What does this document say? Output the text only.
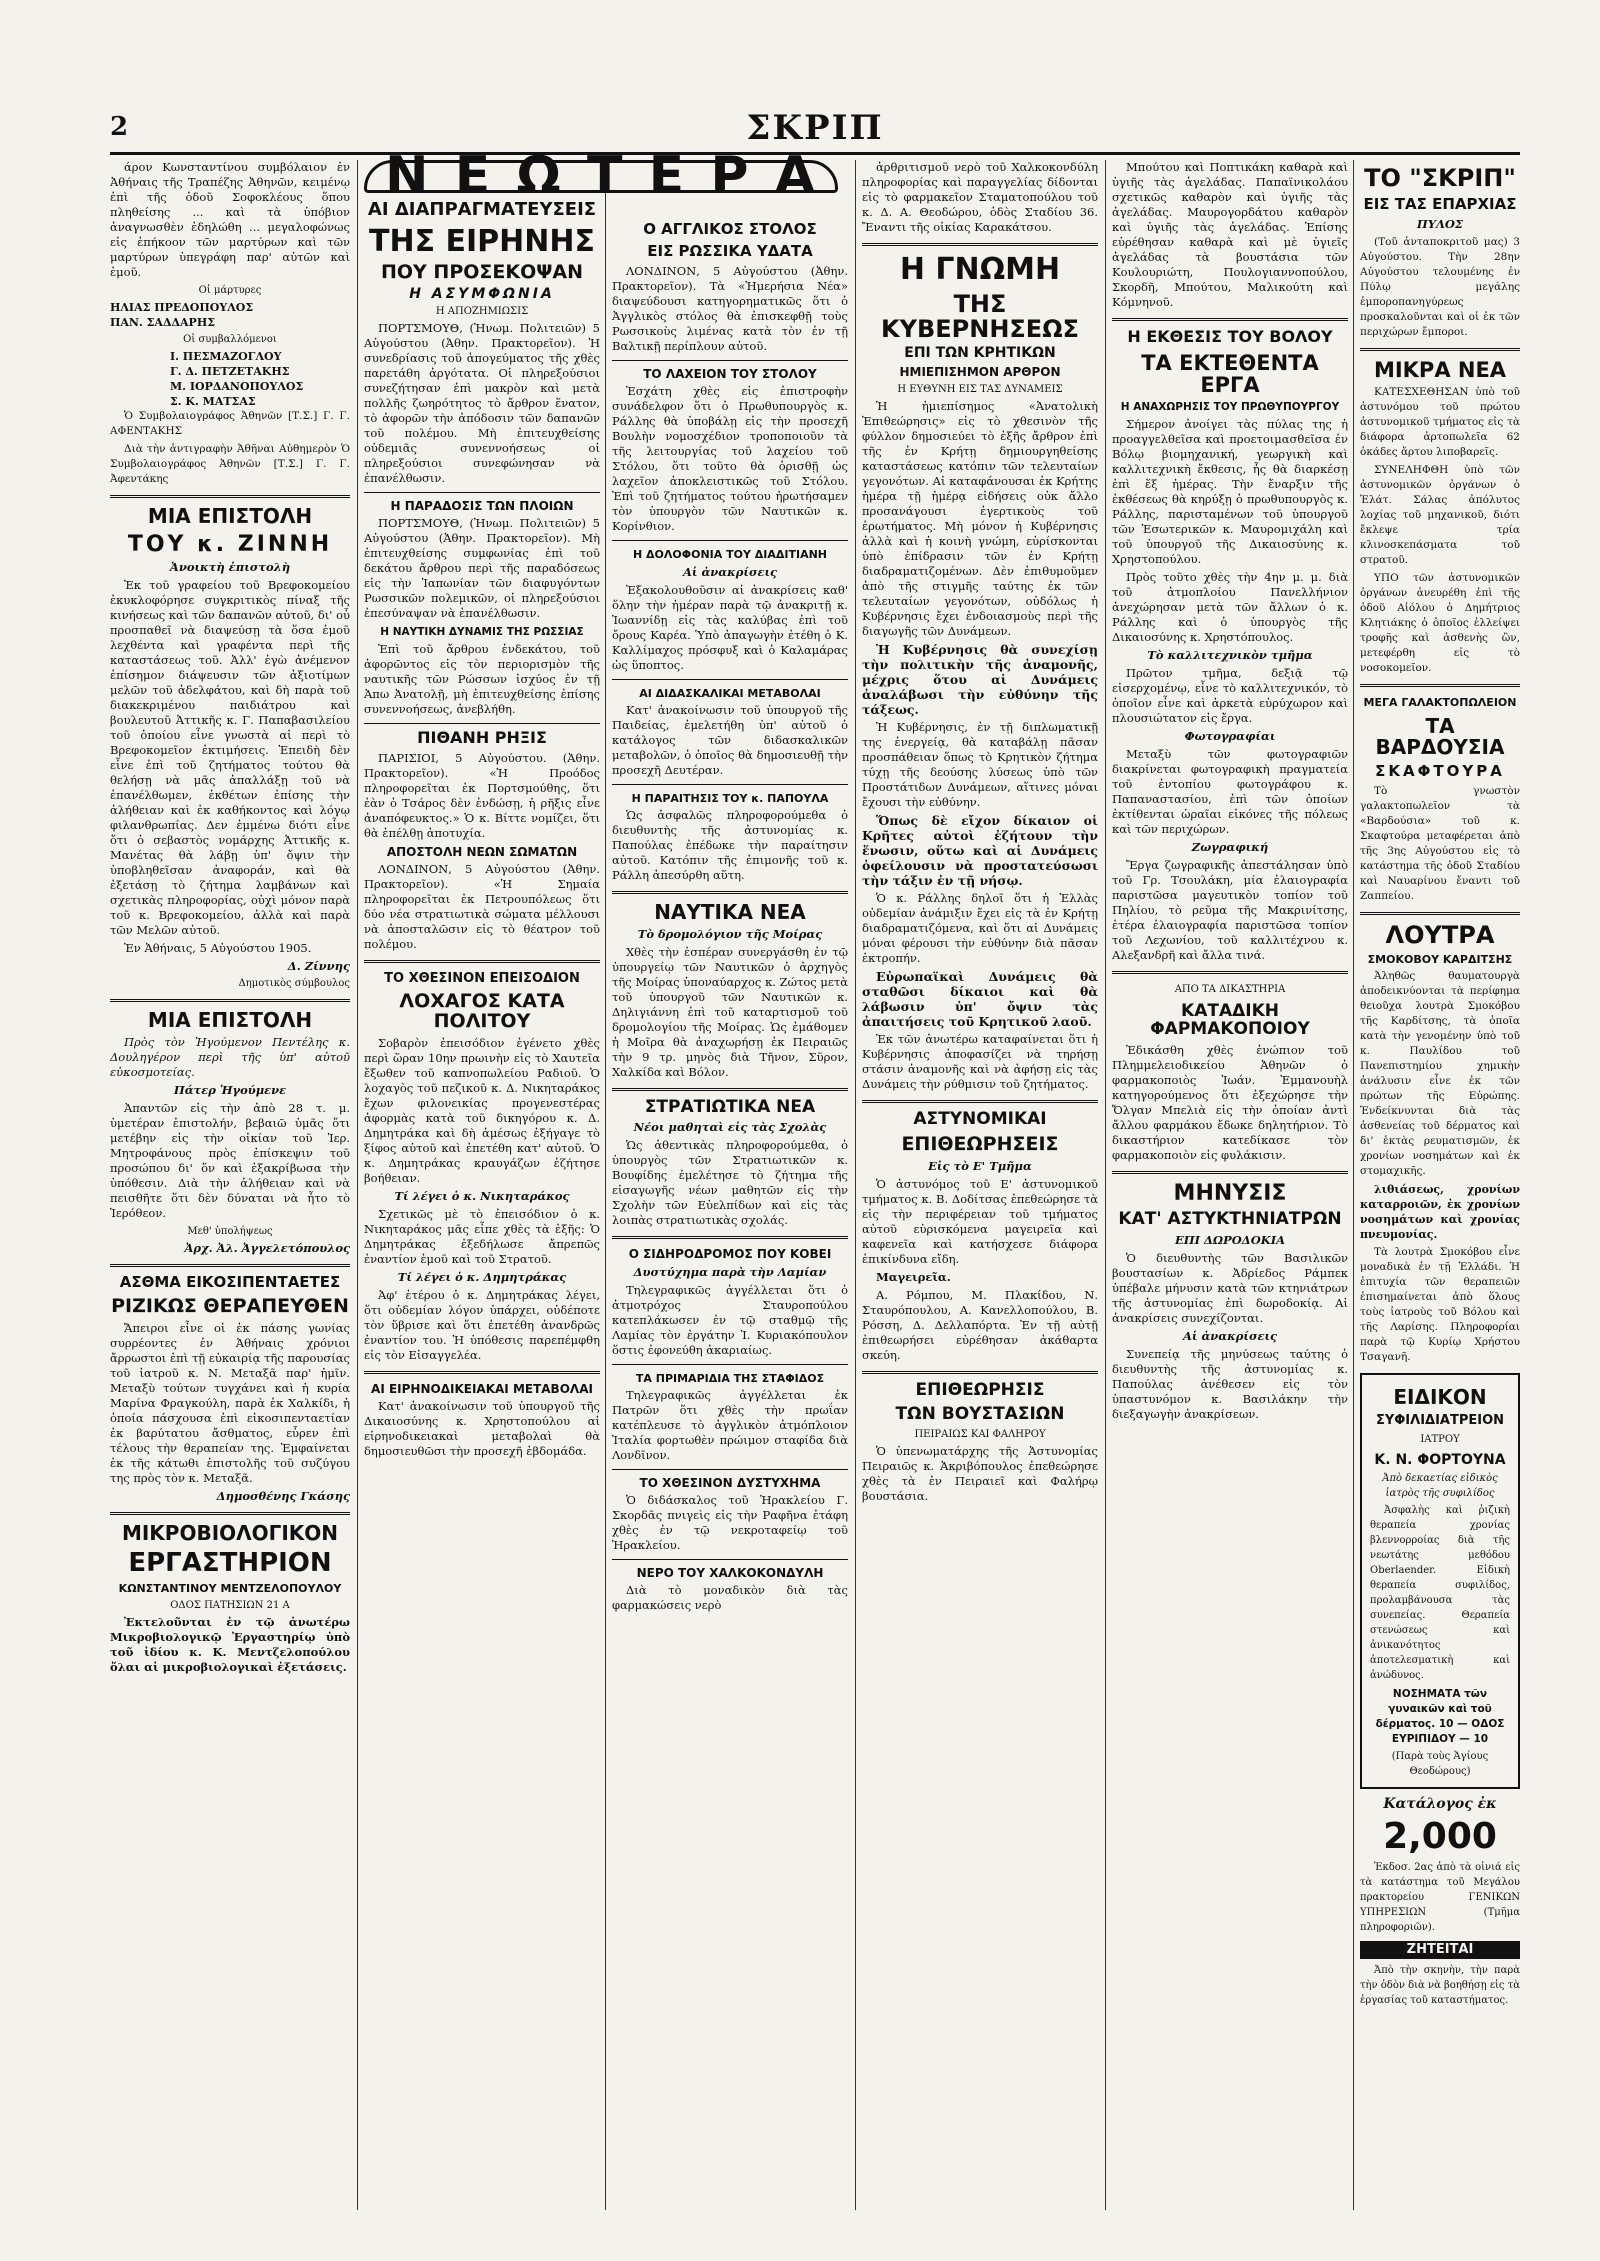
2	ΣΚΡΙΠ

άρον Κωνσταντίνου συμβόλαιον ἐν Ἀθήναις τῆς Τραπέζης Ἀθηνῶν, κειμένῳ ἐπὶ τῆς ὁδοῦ Σοφοκλέους ὅπου πληθείσης ... καὶ τὰ ὑπόβιον ἀναγνωσθὲν ἐδηλώθη ... μεγαλοφώνως εἰς ἐπήκοον τῶν μαρτύρων καὶ τῶν μαρτύρων ὑπεγράφη παρ' αὐτῶν καὶ ἐμοῦ.

Οἱ μάρτυρες
ΗΛΙΑΣ ΠΡΕΔΟΠΟΥΛΟΣ
ΠΑΝ. ΣΑΔΔΑΡΗΣ
Οἱ συμβαλλόμενοι
Ι. ΠΕΣΜΑΖΟΓΛΟΥ
Γ. Δ. ΠΕΤΖΕΤΑΚΗΣ
Μ. ΙΟΡΔΑΝΟΠΟΥΛΟΣ
Σ. Κ. ΜΑΤΣΑΣ

Ὁ Συμβολαιογράφος Ἀθηνῶν [Τ.Σ.] Γ. Γ. ΑΦΕΝΤΑΚΗΣ

Διὰ τὴν ἀντιγραφὴν Ἀθῆναι Αὐθημερὸν Ὁ Συμβολαιογράφος Ἀθηνῶν [Τ.Σ.] Γ. Γ. Ἀφεντάκης

ΜΙΑ ΕΠΙΣΤΟΛΗ
ΤΟΥ κ. ΖΙΝΝΗ
Ἀνοικτὴ ἐπιστολὴ

Ἐκ τοῦ γραφείου τοῦ Βρεφοκομείου ἐκυκλοφόρησε συγκριτικὸς πίναξ τῆς κινήσεως καὶ τῶν δαπανῶν αὐτοῦ, δι' οὗ προσπαθεῖ νὰ διαψεύσῃ τὰ ὅσα ἐμοῦ λεχθέντα καὶ γραφέντα περὶ τῆς καταστάσεως τοῦ. Ἀλλ' ἐγὼ ἀνέμενον ἐπίσημον διάψευσιν τῶν ἀξιοτίμων μελῶν τοῦ ἀδελφάτου, καὶ δὴ παρὰ τοῦ διακεκριμένου παιδιάτρου καὶ βουλευτοῦ Ἀττικῆς κ. Γ. Παπαβασιλείου τοῦ ὁποίου εἶνε γνωστὰ αἱ περὶ τὸ Βρεφοκομεῖον ἐκτιμήσεις. Ἐπειδὴ δὲν εἶνε ἐπὶ τοῦ ζητήματος τούτου θὰ θελήσῃ νὰ μᾶς ἀπαλλάξῃ τοῦ νὰ ἐπανέλθωμεν, ἐκθέτων ἐπίσης τὴν ἀλήθειαν καὶ ἐκ καθήκοντος καὶ λόγῳ φιλανθρωπίας. Δεν ἐμμένω διότι εἶνε ὅτι ὁ σεβαστὸς νομάρχης Ἀττικῆς κ. Μανέτας θὰ λάβῃ ὑπ' ὄψιν τὴν ὑποβληθεῖσαν ἀναφοράν, καὶ θὰ ἐξετάσῃ τὸ ζήτημα λαμβάνων καὶ σχετικὰς πληροφορίας, οὐχὶ μόνον παρὰ τοῦ κ. Βρεφοκομείου, ἀλλὰ καὶ παρὰ τῶν Μελῶν αὐτοῦ.

Ἐν Ἀθήναις, 5 Αὐγούστου 1905.

Δ. Ζίννης
Δημοτικὸς σύμβουλος
ΜΙΑ ΕΠΙΣΤΟΛΗ

Πρὸς τὸν Ἡγούμενον Πεντέλης κ. Δουληγέρον περὶ τῆς ὑπ' αὐτοῦ εὐκοσμοτείας.

Πάτερ Ἡγούμενε

Ἀπαντῶν εἰς τὴν ἀπὸ 28 τ. μ. ὑμετέραν ἐπιστολήν, βεβαιῶ ὑμᾶς ὅτι μετέβην εἰς τὴν οἰκίαν τοῦ Ἱερ. Μητροφάνους πρὸς ἐπίσκεψιν τοῦ προσώπου δι' ὅν καὶ ἐξακρίβωσα τὴν ὑπόθεσιν. Διὰ τὴν ἀλήθειαν καὶ νὰ πεισθῆτε ὅτι δὲν δύναται νὰ ἦτο τὸ Ἱερόθεον.

Μεθ' ὑπολήψεως
Ἀρχ. Ἀλ. Ἀγγελετόπουλος
ΑΣΘΜΑ ΕΙΚΟΣΙΠΕΝΤΑΕΤΕΣ
ΡΙΖΙΚΩΣ ΘΕΡΑΠΕΥΘΕΝ

Ἄπειροι εἶνε οἱ ἐκ πάσης γωνίας συρρέοντες ἐν Ἀθήναις χρόνιοι ἄρρωστοι ἐπὶ τῇ εὐκαιρίᾳ τῆς παρουσίας τοῦ ἰατροῦ κ. Ν. Μεταξᾶ παρ' ἡμῖν. Μεταξὺ τούτων τυγχάνει καὶ ἡ κυρία Μαρίνα Φραγκούλη, παρὰ ἐκ Χαλκίδι, ἡ ὁποία πάσχουσα ἐπὶ εἰκοσιπενταετίαν ἐκ βαρύτατου ἄσθματος, εὗρεν ἐπὶ τέλους τὴν θεραπείαν της. Ἐμφαίνεται ἐκ τῆς κάτωθι ἐπιστολῆς τοῦ συζύγου της πρὸς τὸν κ. Μεταξᾶ.

Δημοσθένης Γκάσης
ΜΙΚΡΟΒΙΟΛΟΓΙΚΟΝ
ΕΡΓΑΣΤΗΡΙΟΝ
ΚΩΝΣΤΑΝΤΙΝΟΥ ΜΕΝΤΖΕΛΟΠΟΥΛΟΥ
ΟΔΟΣ ΠΑΤΗΣΙΩΝ 21 Α

Ἐκτελοῦνται ἐν τῷ ἀνωτέρω Μικροβιολογικῷ Ἐργαστηρίῳ ὑπὸ τοῦ ἰδίου κ. Κ. Μεντζελοπούλου ὅλαι αἱ μικροβιολογικαὶ ἐξετάσεις.

Ν Ε Ω Τ Ε Ρ Α
ΑΙ ΔΙΑΠΡΑΓΜΑΤΕΥΣΕΙΣ
ΤΗΣ ΕΙΡΗΝΗΣ
ΠΟΥ ΠΡΟΣΕΚΟΨΑΝ
Η ΑΣΥΜΦΩΝΙΑ
Η ΑΠΟΖΗΜΙΩΣΙΣ

ΠΟΡΤΣΜΟΥΘ, (Ἠνωμ. Πολιτειῶν) 5 Αὐγούστου (Ἀθην. Πρακτορεῖον). Ἡ συνεδρίασις τοῦ ἀπογεύματος τῆς χθὲς παρετάθη ἀργότατα. Οἱ πληρεξούσιοι συνεζήτησαν ἐπὶ μακρὸν καὶ μετὰ πολλῆς ζωηρότητος τὸ ἄρθρον ἕνατον, τὸ ἀφορῶν τὴν ἀπόδοσιν τῶν δαπανῶν τοῦ πολέμου. Μὴ ἐπιτευχθείσης οὐδεμιᾶς συνεννοήσεως οἱ πληρεξούσιοι συνεφώνησαν νὰ ἐπανέλθωσιν.

Η ΠΑΡΑΔΟΣΙΣ ΤΩΝ ΠΛΟΙΩΝ

ΠΟΡΤΣΜΟΥΘ, (Ἠνωμ. Πολιτειῶν) 5 Αὐγούστου (Ἀθην. Πρακτορεῖον). Μὴ ἐπιτευχθείσης συμφωνίας ἐπὶ τοῦ δεκάτου ἄρθρου περὶ τῆς παραδόσεως εἰς τὴν Ἰαπωνίαν τῶν διαφυγόντων Ρωσσικῶν πολεμικῶν, οἱ πληρεξούσιοι ἐπεσύναψαν νὰ ἐπανέλθωσιν.

Η ΝΑΥΤΙΚΗ ΔΥΝΑΜΙΣ ΤΗΣ ΡΩΣΣΙΑΣ

Ἐπὶ τοῦ ἄρθρου ἑνδεκάτου, τοῦ ἀφορῶντος εἰς τὸν περιορισμὸν τῆς ναυτικῆς τῶν Ρώσσων ἰσχύος ἐν τῇ Ἀπω Ἀνατολῇ, μὴ ἐπιτευχθείσης ἐπίσης συνεννοήσεως, ἀνεβλήθη.

ΠΙΘΑΝΗ ΡΗΞΙΣ

ΠΑΡΙΣΙΟΙ, 5 Αὐγούστου. (Ἀθην. Πρακτορεῖον). «Ἡ Προόδος πληροφορεῖται ἐκ Πορτσμούθης, ὅτι ἐὰν ὁ Τσάρος δὲν ἐνδώσῃ, ἡ ρῆξις εἶνε ἀναπόφευκτος.» Ὁ κ. Βίττε νομίζει, ὅτι θὰ ἐπέλθῃ ἀποτυχία.

ΑΠΟΣΤΟΛΗ ΝΕΩΝ ΣΩΜΑΤΩΝ

ΛΟΝΔΙΝΟΝ, 5 Αὐγούστου (Ἀθην. Πρακτορεῖον). «Ἡ Σημαία πληροφορεῖται ἐκ Πετρουπόλεως ὅτι δύο νέα στρατιωτικὰ σώματα μέλλουσι νὰ ἀποσταλῶσιν εἰς τὸ θέατρον τοῦ πολέμου.

ΤΟ ΧΘΕΣΙΝΟΝ ΕΠΕΙΣΟΔΙΟΝ
ΛΟΧΑΓΟΣ ΚΑΤΑ ΠΟΛΙΤΟΥ

Σοβαρὸν ἐπεισόδιον ἐγένετο χθὲς περὶ ὥραν 10ην πρωινὴν εἰς τὸ Χαυτεῖα ἔξωθεν τοῦ καπνοπωλείου Ραδιοῦ. Ὁ λοχαγὸς τοῦ πεζικοῦ κ. Δ. Νικηταράκος ἔχων φιλονεικίας προγενεστέρας ἀφορμὰς κατὰ τοῦ δικηγόρου κ. Δ. Δημητράκα καὶ δὴ ἀμέσως ἐξήγαγε τὸ ξίφος αὐτοῦ καὶ ἐπετέθη κατ' αὐτοῦ. Ὁ κ. Δημητράκας κραυγάζων ἐζήτησε βοήθειαν.

Τί λέγει ὁ κ. Νικηταράκος

Σχετικῶς μὲ τὸ ἐπεισόδιον ὁ κ. Νικηταράκος μᾶς εἶπε χθὲς τὰ ἑξῆς: Ὁ Δημητράκας ἐξεδήλωσε ἄπρεπῶς ἐναντίον ἐμοῦ καὶ τοῦ Στρατοῦ.

Τί λέγει ὁ κ. Δημητράκας

Ἀφ' ἑτέρου ὁ κ. Δημητράκας λέγει, ὅτι οὐδεμίαν λόγον ὑπάρχει, οὐδέποτε τὸν ὕβρισε καὶ ὅτι ἐπετέθη ἀνανδρῶς ἐναντίον του. Ἡ ὑπόθεσις παρεπέμφθη εἰς τὸν Εἰσαγγελέα.

ΑΙ ΕΙΡΗΝΟΔΙΚΕΙΑΚΑΙ ΜΕΤΑΒΟΛΑΙ

Κατ' ἀνακοίνωσιν τοῦ ὑπουργοῦ τῆς Δικαιοσύνης κ. Χρηστοπούλου αἱ εἰρηνοδικειακαὶ μεταβολαὶ θὰ δημοσιευθῶσι τὴν προσεχῆ ἑβδομάδα.

Ο ΑΓΓΛΙΚΟΣ ΣΤΟΛΟΣ
ΕΙΣ ΡΩΣΣΙΚΑ ΥΔΑΤΑ

ΛΟΝΔΙΝΟΝ, 5 Αὐγούστου (Ἀθην. Πρακτορεῖον). Τὰ «Ἡμερήσια Νέα» διαψεύδουσι κατηγορηματικῶς ὅτι ὁ Ἀγγλικὸς στόλος θὰ ἐπισκεφθῇ τοὺς Ρωσσικοὺς λιμένας κατὰ τὸν ἐν τῇ Βαλτικῇ περίπλουν αὐτοῦ.

ΤΟ ΛΑΧΕΙΟΝ ΤΟΥ ΣΤΟΛΟΥ

Ἐσχάτη χθὲς εἰς ἐπιστροφὴν συνάδελφον ὅτι ὁ Πρωθυπουργὸς κ. Ράλλης θὰ ὑποβάλῃ εἰς τὴν προσεχῆ Βουλὴν νομοσχέδιον τροποποιοῦν τὰ τῆς λειτουργίας τοῦ λαχείου τοῦ Στόλου, ὅτι τοῦτο θὰ ὁρισθῇ ὡς λαχεῖον ἀποκλειστικῶς τοῦ Στόλου. Ἐπὶ τοῦ ζητήματος τούτου ἠρωτήσαμεν τὸν ὑπουργὸν τῶν Ναυτικῶν κ. Κορίνθιον.

Η ΔΟΛΟΦΟΝΙΑ ΤΟΥ ΔΙΑΔΙΤΙΑΝΗ
Αἱ ἀνακρίσεις

Ἐξακολουθοῦσιν αἱ ἀνακρίσεις καθ' ὅλην τὴν ἡμέραν παρὰ τῷ ἀνακριτῇ κ. Ἰωαννίδῃ εἰς τὰς καλύβας ἐπὶ τοῦ ὄρους Καρέα. Ὑπὸ ἀπαγωγὴν ἐτέθη ὁ Κ. Καλλίμαχος πρόσφυξ καὶ ὁ Καλαμάρας ὡς ὕποπτος.

ΑΙ ΔΙΔΑΣΚΑΛΙΚΑΙ ΜΕΤΑΒΟΛΑΙ

Κατ' ἀνακοίνωσιν τοῦ ὑπουργοῦ τῆς Παιδείας, ἐμελετήθη ὑπ' αὐτοῦ ὁ κατάλογος τῶν διδασκαλικῶν μεταβολῶν, ὁ ὁποῖος θὰ δημοσιευθῇ τὴν προσεχῆ Δευτέραν.

Η ΠΑΡΑΙΤΗΣΙΣ ΤΟΥ κ. ΠΑΠΟΥΛΑ

Ὡς ἀσφαλῶς πληροφορούμεθα ὁ διευθυντὴς τῆς ἀστυνομίας κ. Παπούλας ἐπέδωκε τὴν παραίτησιν αὐτοῦ. Κατόπιν τῆς ἐπιμονῆς τοῦ κ. Ράλλη ἀπεσύρθη αὕτη.

ΝΑΥΤΙΚΑ ΝΕΑ
Τὸ δρομολόγιον τῆς Μοίρας

Χθὲς τὴν ἑσπέραν συνεργάσθη ἐν τῷ ὑπουργείῳ τῶν Ναυτικῶν ὁ ἀρχηγὸς τῆς Μοίρας ὑποναύαρχος κ. Ζώτος μετὰ τοῦ ὑπουργοῦ τῶν Ναυτικῶν κ. Δηλιγιάννη ἐπὶ τοῦ καταρτισμοῦ τοῦ δρομολογίου τῆς Μοίρας. Ὡς ἐμάθομεν ἡ Μοῖρα θὰ ἀναχωρήσῃ ἐκ Πειραιῶς τὴν 9 τρ. μηνὸς διὰ Τῆνον, Σῦρον, Χαλκίδα καὶ Βόλον.

ΣΤΡΑΤΙΩΤΙΚΑ ΝΕΑ
Νέοι μαθηταὶ εἰς τὰς Σχολὰς

Ὡς ἀθεντικὰς πληροφορούμεθα, ὁ ὑπουργὸς τῶν Στρατιωτικῶν κ. Βουφίδης ἐμελέτησε τὸ ζήτημα τῆς εἰσαγωγῆς νέων μαθητῶν εἰς τὴν Σχολὴν τῶν Εὐελπίδων καὶ εἰς τὰς λοιπὰς στρατιωτικὰς σχολάς.

Ο ΣΙΔΗΡΟΔΡΟΜΟΣ ΠΟΥ ΚΟΒΕΙ
Δυστύχημα παρὰ τὴν Λαμίαν

Τηλεγραφικῶς ἀγγέλλεται ὅτι ὁ ἀτμοτρόχος Σταυροπούλου κατεπλάκωσεν ἐν τῷ σταθμῷ τῆς Λαμίας τὸν ἐργάτην Ἰ. Κυριακόπουλον ὅστις ἐφονεύθη ἀκαριαίως.

ΤΑ ΠΡΙΜΑΡΙΔΙΑ ΤΗΣ ΣΤΑΦΙΔΟΣ

Τηλεγραφικῶς ἀγγέλλεται ἐκ Πατρῶν ὅτι χθὲς τὴν πρωΐαν κατέπλευσε τὸ ἀγγλικὸν ἀτμόπλοιον Ἰταλία φορτωθὲν πρώιμον σταφίδα διὰ Λονδῖνον.

ΤΟ ΧΘΕΣΙΝΟΝ ΔΥΣΤΥΧΗΜΑ

Ὁ διδάσκαλος τοῦ Ἡρακλείου Γ. Σκορδᾶς πνιγεὶς εἰς τὴν Ραφῆνα ἐτάφη χθὲς ἐν τῷ νεκροταφείῳ τοῦ Ἡρακλείου.

ΝΕΡΟ ΤΟΥ ΧΑΛΚΟΚΟΝΔΥΛΗ

Διὰ τὸ μοναδικὸν διὰ τὰς φαρμακώσεις νερὸ

ἀρθριτισμοῦ νερὸ τοῦ Χαλκοκονδύλη πληροφορίας καὶ παραγγελίας δίδονται εἰς τὸ φαρμακεῖον Σταματοπούλου τοῦ κ. Δ. Α. Θεοδώρου, ὁδὸς Σταδίου 36. Ἔναντι τῆς οἰκίας Καρακάτσου.

Η ΓΝΩΜΗ
ΤΗΣ ΚΥΒΕΡΝΗΣΕΩΣ
ΕΠΙ ΤΩΝ ΚΡΗΤΙΚΩΝ
ΗΜΙΕΠΙΣΗΜΟΝ ΑΡΘΡΟΝ
Η ΕΥΘΥΝΗ ΕΙΣ ΤΑΣ ΔΥΝΑΜΕΙΣ

Ἡ ἡμιεπίσημος «Ἀνατολικὴ Ἐπιθεώρησις» εἰς τὸ χθεσινὸν τῆς φύλλον δημοσιεύει τὸ ἑξῆς ἄρθρον ἐπὶ τῆς ἐν Κρήτῃ δημιουργηθείσης καταστάσεως κατόπιν τῶν τελευταίων γεγονότων. Αἱ καταφάνουσαι ἐκ Κρήτης ἡμέρα τῇ ἡμέρᾳ εἰδήσεις οὐκ ἄλλο προσανάγουσι ἐγερτικοὺς τοῦ ἐρωτήματος. Μὴ μόνον ἡ Κυβέρνησις ἀλλὰ καὶ ἡ κοινὴ γνώμη, εὑρίσκονται ὑπὸ ἐπίδρασιν τῶν ἐν Κρήτῃ διαδραματιζομένων. Δὲν ἐπιθυμοῦμεν ἀπὸ τῆς στιγμῆς ταύτης ἐκ τῶν τελευταίων γεγονότων, οὐδόλως ἡ Κυβέρνησις ἔχει ἐνδοιασμοὺς περὶ τῆς διαγωγῆς τῶν Δυνάμεων.

Ἡ Κυβέρνησις θὰ συνεχίσῃ τὴν πολιτικὴν τῆς ἀναμονῆς, μέχρις ὅτου αἱ Δυνάμεις ἀναλάβωσι τὴν εὐθύνην τῆς τάξεως.

Ἡ Κυβέρνησις, ἐν τῇ διπλωματικῇ της ἐνεργείᾳ, θὰ καταβάλῃ πᾶσαν προσπάθειαν ὅπως τὸ Κρητικὸν ζήτημα τύχῃ τῆς δεούσης λύσεως ὑπὸ τῶν Προστάτιδων Δυνάμεων, αἵτινες μόναι ἔχουσι τὴν εὐθύνην.

Ὅπως δὲ εἴχον δίκαιον οἱ Κρῆτες αὐτοὶ ἐζήτουν τὴν ἕνωσιν, οὕτω καὶ αἱ Δυνάμεις ὀφείλουσιν νὰ προστατεύσωσι τὴν τάξιν ἐν τῇ νήσῳ.

Ὁ κ. Ράλλης δηλοῖ ὅτι ἡ Ἑλλὰς οὐδεμίαν ἀνάμιξιν ἔχει εἰς τὰ ἐν Κρήτῃ διαδραματιζόμενα, καὶ ὅτι αἱ Δυνάμεις μόναι φέρουσι τὴν εὐθύνην διὰ πᾶσαν ἐκτροπήν.

Εὐρωπαϊκαὶ Δυνάμεις θὰ σταθῶσι δίκαιοι καὶ θὰ λάβωσιν ὑπ' ὄψιν τὰς ἀπαιτήσεις τοῦ Κρητικοῦ λαοῦ.

Ἐκ τῶν ἀνωτέρω καταφαίνεται ὅτι ἡ Κυβέρνησις ἀποφασίζει νὰ τηρήσῃ στάσιν ἀναμονῆς καὶ νὰ ἀφήσῃ εἰς τὰς Δυνάμεις τὴν ρύθμισιν τοῦ ζητήματος.

ΑΣΤΥΝΟΜΙΚΑΙ
ΕΠΙΘΕΩΡΗΣΕΙΣ
Εἰς τὸ Ε' Τμῆμα

Ὁ ἀστυνόμος τοῦ Ε' ἀστυνομικοῦ τμήματος κ. Β. Δοδίτσας ἐπεθεώρησε τὰ εἰς τὴν περιφέρειαν τοῦ τμήματος αὐτοῦ εὑρισκόμενα μαγειρεῖα καὶ καφενεῖα καὶ κατήσχεσε διάφορα ἐπικίνδυνα εἴδη.

Μαγειρεῖα.

Α. Ρόμπου, Μ. Πλακίδου, Ν. Σταυρόπουλου, Α. Κανελλοπούλου, Β. Ρόσση, Δ. Δελλαπόρτα. Ἐν τῇ αὐτῇ ἐπιθεωρήσει εὑρέθησαν ἀκάθαρτα σκεύη.

ΕΠΙΘΕΩΡΗΣΙΣ
ΤΩΝ ΒΟΥΣΤΑΣΙΩΝ
ΠΕΙΡΑΙΩΣ ΚΑΙ ΦΑΛΗΡΟΥ

Ὁ ὑπενωματάρχης τῆς Ἀστυνομίας Πειραιῶς κ. Ἀκριβόπουλος ἐπεθεώρησε χθὲς τὰ ἐν Πειραιεῖ καὶ Φαλήρῳ βουστάσια.

Μπούτου καὶ Ποπτικάκη καθαρὰ καὶ ὑγιῆς τὰς ἀγελάδας. Παπαϊνικολάου σχετικῶς καθαρὸν καὶ ὑγιῆς τὰς ἀγελάδας. Μαυρογορδάτου καθαρὸν καὶ ὑγιῆς τὰς ἀγελάδας. Ἐπίσης εὑρέθησαν καθαρὰ καὶ μὲ ὑγιεῖς ἀγελάδας τὰ βουστάσια τῶν Κουλουριώτη, Πουλογιαννοπούλου, Σκορδῆ, Μπούτου, Μαλικούτη καὶ Κόμνηνοῦ.

Η ΕΚΘΕΣΙΣ ΤΟΥ ΒΟΛΟΥ
ΤΑ ΕΚΤΕΘΕΝΤΑ ΕΡΓΑ
Η ΑΝΑΧΩΡΗΣΙΣ ΤΟΥ ΠΡΩΘΥΠΟΥΡΓΟΥ

Σήμερον ἀνοίγει τὰς πύλας της ἡ προαγγελθεῖσα καὶ προετοιμασθεῖσα ἐν Βόλῳ βιομηχανική, γεωργικὴ καὶ καλλιτεχνικὴ ἔκθεσις, ἧς θὰ διαρκέσῃ ἐπὶ ἕξ ἡμέρας. Τὴν ἔναρξιν τῆς ἐκθέσεως θὰ κηρύξῃ ὁ πρωθυπουργὸς κ. Ράλλης, παρισταμένων τοῦ ὑπουργοῦ τῶν Ἐσωτερικῶν κ. Μαυρομιχάλη καὶ τοῦ ὑπουργοῦ τῆς Δικαιοσύνης κ. Χρηστοπούλου.

Πρὸς τοῦτο χθὲς τὴν 4ην μ. μ. διὰ τοῦ ἀτμοπλοίου Πανελλήνιον ἀνεχώρησαν μετὰ τῶν ἄλλων ὁ κ. Ράλλης καὶ ὁ ὑπουργὸς τῆς Δικαιοσύνης κ. Χρηστόπουλος.

Τὸ καλλιτεχνικὸν τμῆμα

Πρῶτον τμῆμα, δεξιᾷ τῷ εἰσερχομένῳ, εἶνε τὸ καλλιτεχνικόν, τὸ ὁποῖον εἶνε καὶ ἀρκετὰ εὐρύχωρον καὶ πλουσιώτατον εἰς ἔργα.

Φωτογραφίαι

Μεταξὺ τῶν φωτογραφιῶν διακρίνεται φωτογραφικὴ πραγματεία τοῦ ἐντοπίου φωτογράφου κ. Παπαναστασίου, ἐπὶ τῶν ὁποίων ἐκτίθενται ὡραῖαι εἰκόνες τῆς πόλεως καὶ τῶν περιχώρων.

Ζωγραφική

Ἔργα ζωγραφικῆς ἀπεστάλησαν ὑπὸ τοῦ Γρ. Τσουλάκη, μία ἐλαιογραφία παριστῶσα μαγευτικὸν τοπίον τοῦ Πηλίου, τὸ ρεῦμα τῆς Μακρινίτσης, ἑτέρα ἐλαιογραφία παριστῶσα τοπίον τοῦ Λεχωνίου, τοῦ καλλιτέχνου κ. Αλεξανδρῆ καὶ ἄλλα τινά.

ΑΠΟ ΤΑ ΔΙΚΑΣΤΗΡΙΑ
ΚΑΤΑΔΙΚΗ ΦΑΡΜΑΚΟΠΟΙΟΥ

Ἐδικάσθη χθὲς ἐνώπιον τοῦ Πλημμελειοδικείου Ἀθηνῶν ὁ φαρμακοποιὸς Ἰωάν. Ἐμμανουὴλ κατηγορούμενος ὅτι ἐξεχώρησε τὴν Ὄλγαν Μπελιὰ εἰς τὴν ὁποίαν ἀντὶ ἄλλου φαρμάκου ἔδωκε δηλητήριον. Τὸ δικαστήριον κατεδίκασε τὸν φαρμακοποιὸν εἰς φυλάκισιν.

ΜΗΝΥΣΙΣ
ΚΑΤ' ΑΣΤΥΚΤΗΝΙΑΤΡΩΝ
ΕΠΙ ΔΩΡΟΔΟΚΙΑ

Ὁ διευθυντὴς τῶν Βασιλικῶν βουστασίων κ. Ἀδρίεδος Ράμπεκ ὑπέβαλε μήνυσιν κατὰ τῶν κτηνιάτρων τῆς ἀστυνομίας ἐπὶ δωροδοκίᾳ. Αἱ ἀνακρίσεις συνεχίζονται.

Αἱ ἀνακρίσεις

Συνεπείᾳ τῆς μηνύσεως ταύτης ὁ διευθυντὴς τῆς ἀστυνομίας κ. Παπούλας ἀνέθεσεν εἰς τὸν ὑπαστυνόμον κ. Βασιλάκην τὴν διεξαγωγὴν ἀνακρίσεων.

ΤΟ "ΣΚΡΙΠ"
ΕΙΣ ΤΑΣ ΕΠΑΡΧΙΑΣ
ΠΥΛΟΣ

(Τοῦ ἀνταποκριτοῦ μας) 3 Αὐγούστου. Τὴν 28ην Αὐγούστου τελουμένης ἐν Πύλῳ μεγάλης ἐμποροπανηγύρεως προσκαλοῦνται καὶ οἱ ἐκ τῶν περιχώρων ἔμποροι.

ΜΙΚΡΑ ΝΕΑ

ΚΑΤΕΣΧΕΘΗΣΑΝ ὑπὸ τοῦ ἀστυνόμου τοῦ πρώτου ἀστυνομικοῦ τμήματος εἰς τὰ διάφορα ἀρτοπωλεῖα 62 ὀκάδες ἄρτου λιποβαρεῖς.

ΣΥΝΕΛΗΦΘΗ ὑπὸ τῶν ἀστυνομικῶν ὀργάνων ὁ Ἐλάτ. Σάλας ἀπόλυτος λοχίας τοῦ μηχανικοῦ, διότι ἔκλεψε τρία κλινοσκεπάσματα τοῦ στρατοῦ.

ΥΠΟ τῶν ἀστυνομικῶν ὀργάνων ἀνευρέθη ἐπὶ τῆς ὁδοῦ Αἰόλου ὁ Δημήτριος Κλητιάκης ὁ ὁποῖος ἐλλείψει τροφῆς καὶ ἀσθενὴς ὢν, μετεφέρθη εἰς τὸ νοσοκομεῖον.

ΜΕΓΑ ΓΑΛΑΚΤΟΠΩΛΕΙΟΝ
ΤΑ ΒΑΡΔΟΥΣΙΑ
ΣΚΑΦΤΟΥΡΑ

Τὸ γνωστὸν γαλακτοπωλεῖον τὰ «Βαρδούσια» τοῦ κ. Σκαφτούρα μεταφέρεται ἀπὸ τῆς 3ης Αὐγούστου εἰς τὸ κατάστημα τῆς ὁδοῦ Σταδίου καὶ Ναυαρίνου ἔναντι τοῦ Ζαππείου.

ΛΟΥΤΡΑ
ΣΜΟΚΟΒΟΥ ΚΑΡΔΙΤΣΗΣ

Ἀληθῶς θαυματουργὰ ἀποδεικνύονται τὰ περίφημα θειοῦχα λουτρὰ Σμοκόβου τῆς Καρδίτσης, τὰ ὁποῖα κατὰ τὴν γενομένην ὑπὸ τοῦ κ. Παυλίδου τοῦ Πανεπιστημίου χημικὴν ἀνάλυσιν εἶνε ἐκ τῶν πρώτων τῆς Εὐρώπης. Ἐνδείκνυνται διὰ τὰς ἀσθενείας τοῦ δέρματος καὶ δι' ἑκτὰς ρευματισμῶν, ἐκ χρονίων νοσημάτων καὶ ἐκ στομαχικῆς.

λιθιάσεως, χρονίων καταρροιῶν, ἐκ χρονίων νοσημάτων καὶ χρονίας πνευμονίας.

Τὰ λουτρὰ Σμοκόβου εἶνε μοναδικὰ ἐν τῇ Ἑλλάδι. Ἡ ἐπιτυχία τῶν θεραπειῶν ἐπισημαίνεται ἀπὸ ὅλους τοὺς ἰατροὺς τοῦ Βόλου καὶ τῆς Λαρίσης. Πληροφορίαι παρὰ τῷ Κυρίῳ Χρήστου Τσαγανῆ.

ΕΙΔΙΚΟΝ
ΣΥΦΙΛΙΔΙΑΤΡΕΙΟΝ
ΙΑΤΡΟΥ
Κ. Ν. ΦΟΡΤΟΥΝΑ
Ἀπὸ δεκαετίας εἰδικὸς ἰατρὸς τῆς συφιλίδος

Ἀσφαλὴς καὶ ῥιζικὴ θεραπεία χρονίας βλεννορροίας διὰ τῆς νεωτάτης μεθόδου Oberlaender. Εἰδικὴ θεραπεία συφιλίδος, προλαμβάνουσα τὰς συνεπείας. Θεραπεία στενώσεως καὶ ἀνικανότητος ἀποτελεσματικὴ καὶ ἀνώδυνος.

ΝΟΣΗΜΑΤΑ τῶν γυναικῶν καὶ τοῦ δέρματος. 10 — ΟΔΟΣ ΕΥΡΙΠΙΔΟΥ — 10
(Παρὰ τοὺς Ἁγίους Θεοδώρους)
Κατάλογος ἐκ
2,000

Ἐκδοσ. 2ας ἀπὸ τὰ οἰνιά εἰς τὰ κατάστημα τοῦ Μεγάλου πρακτορείου ΓΕΝΙΚΩΝ ΥΠΗΡΕΣΙΩΝ (Τμῆμα πληροφοριῶν).

ΖΗΤΕΙΤΑΙ

Ἀπὸ τὴν σκηνὴν, τὴν παρὰ τὴν ὁδὸν διὰ νὰ βοηθήσῃ εἰς τὰ ἐργασίας τοῦ καταστήματος.
